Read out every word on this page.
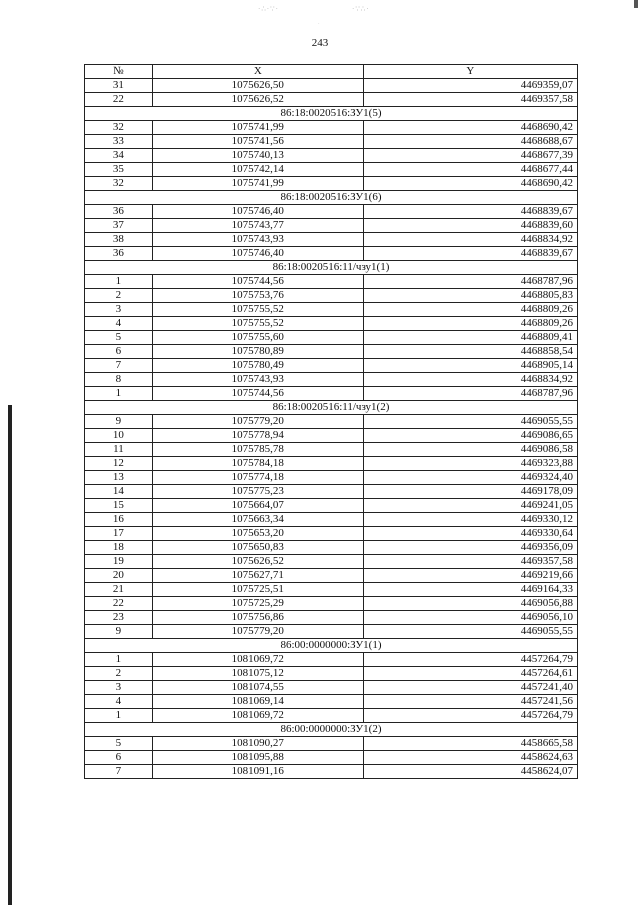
·∴·∵·	·∵∴·
·
243
№	X	Y
31	1075626,50	4469359,07
22	1075626,52	4469357,58
86:18:0020516:ЗУ1(5)		
32	1075741,99	4468690,42
33	1075741,56	4468688,67
34	1075740,13	4468677,39
35	1075742,14	4468677,44
32	1075741,99	4468690,42
86:18:0020516:ЗУ1(6)		
36	1075746,40	4468839,67
37	1075743,77	4468839,60
38	1075743,93	4468834,92
36	1075746,40	4468839,67
86:18:0020516:11/чзу1(1)		
1	1075744,56	4468787,96
2	1075753,76	4468805,83
3	1075755,52	4468809,26
4	1075755,52	4468809,26
5	1075755,60	4468809,41
6	1075780,89	4468858,54
7	1075780,49	4468905,14
8	1075743,93	4468834,92
1	1075744,56	4468787,96
86:18:0020516:11/чзу1(2)		
9	1075779,20	4469055,55
10	1075778,94	4469086,65
11	1075785,78	4469086,58
12	1075784,18	4469323,88
13	1075774,18	4469324,40
14	1075775,23	4469178,09
15	1075664,07	4469241,05
16	1075663,34	4469330,12
17	1075653,20	4469330,64
18	1075650,83	4469356,09
19	1075626,52	4469357,58
20	1075627,71	4469219,66
21	1075725,51	4469164,33
22	1075725,29	4469056,88
23	1075756,86	4469056,10
9	1075779,20	4469055,55
86:00:0000000:ЗУ1(1)		
1	1081069,72	4457264,79
2	1081075,12	4457264,61
3	1081074,55	4457241,40
4	1081069,14	4457241,56
1	1081069,72	4457264,79
86:00:0000000:ЗУ1(2)		
5	1081090,27	4458665,58
6	1081095,88	4458624,63
7	1081091,16	4458624,07
